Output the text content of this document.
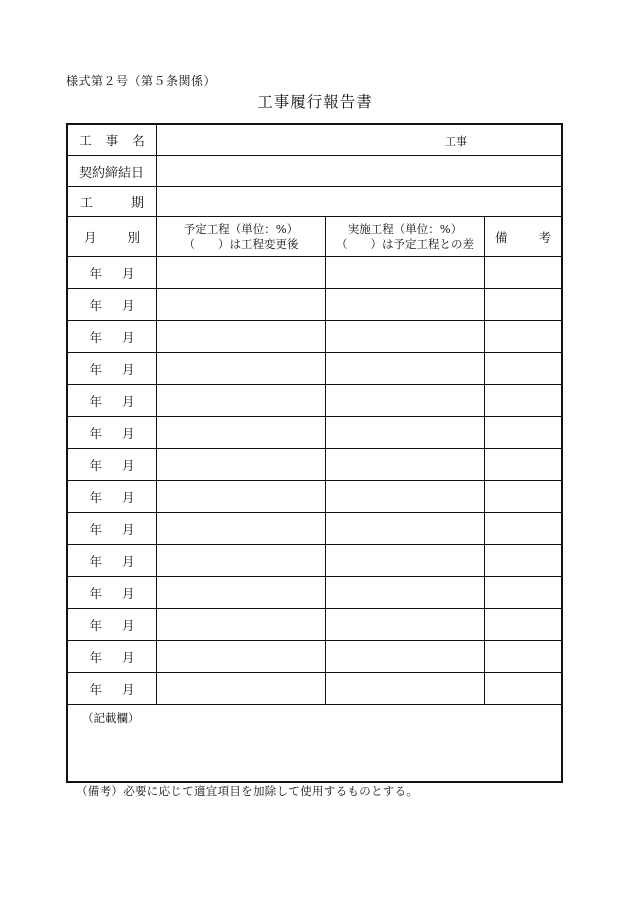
様式第２号（第５条関係）
工事履行報告書
工 事 名	工事
契約締結日
工	期
月 別
予定工程（単位：%）
（　　）は工程変更後
実施工程（単位：%）
（　　）は予定工程との差 備 考
年 月
年 月
年 月
年 月
年 月
年 月
年 月
年 月
年 月
年 月
年 月
年 月
年 月
年 月
（記載欄）
（備考）必要に応じて適宜項目を加除して使用するものとする。
